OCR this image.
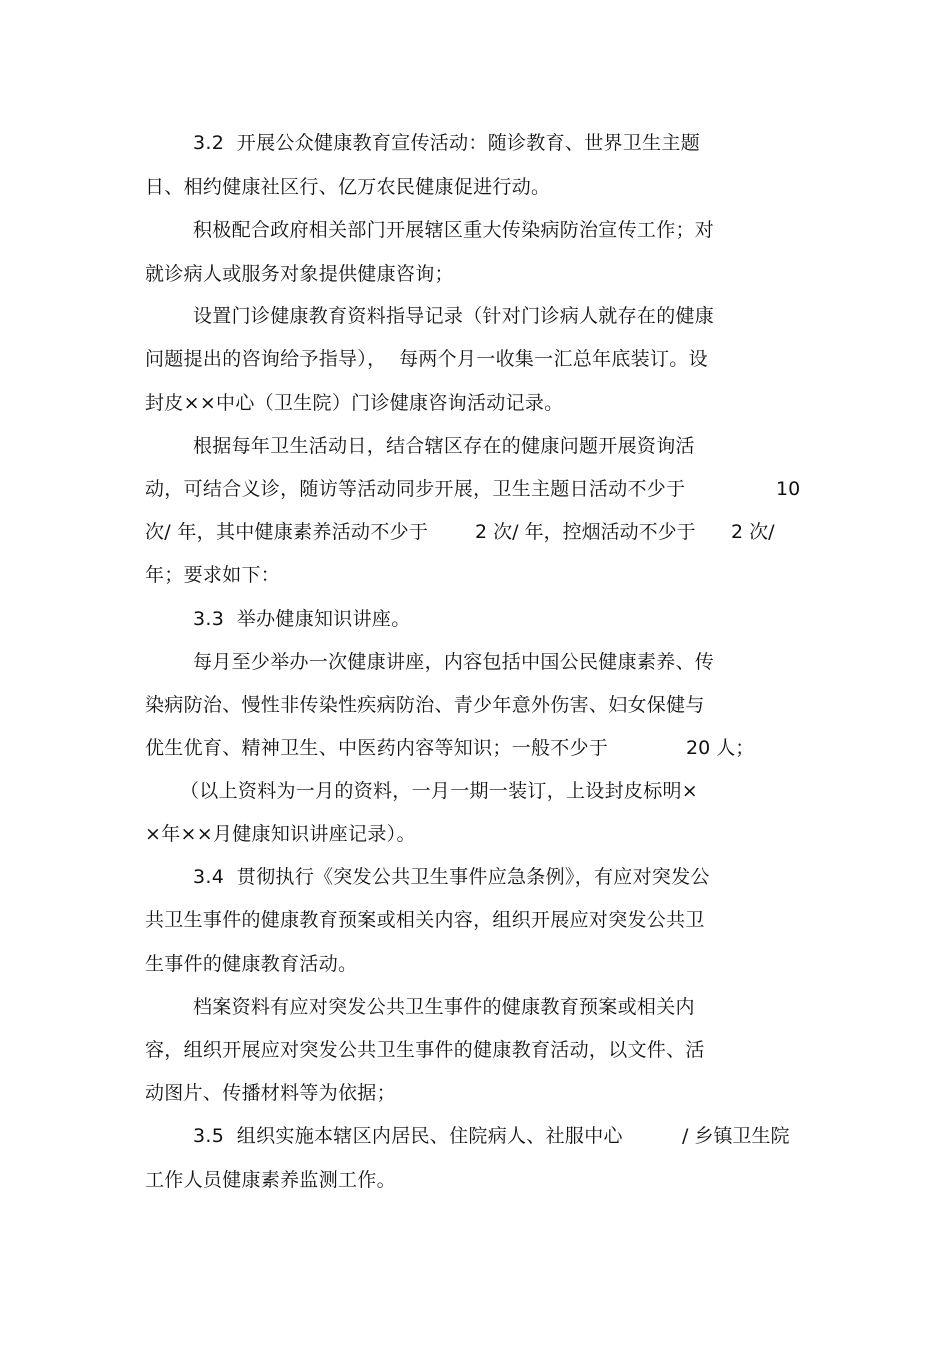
3.2  开展公众健康教育宣传活动：随诊教育、世界卫生主题
日、相约健康社区行、亿万农民健康促进行动。
积极配合政府相关部门开展辖区重大传染病防治宣传工作；对
就诊病人或服务对象提供健康咨询；
设置门诊健康教育资料指导记录（针对门诊病人就存在的健康
问题提出的咨询给予指导），  每两个月一收集一汇总年底装订。设
封皮××中心（卫生院）门诊健康咨询活动记录。
根据每年卫生活动日，结合辖区存在的健康问题开展资询活
动，可结合义诊，随访等活动同步开展，卫生主题日活动不少于	10
次/ 年，其中健康素养活动不少于 2 次/ 年，控烟活动不少于 2 次/
年；要求如下：
3.3  举办健康知识讲座。
每月至少举办一次健康讲座，内容包括中国公民健康素养、传
染病防治、慢性非传染性疾病防治、青少年意外伤害、妇女保健与
优生优育、精神卫生、中医药内容等知识；一般不少于	20 人；
（以上资料为一月的资料，一月一期一装订，上设封皮标明×
×年××月健康知识讲座记录）。
3.4  贯彻执行《突发公共卫生事件应急条例》，有应对突发公
共卫生事件的健康教育预案或相关内容，组织开展应对突发公共卫
生事件的健康教育活动。
档案资料有应对突发公共卫生事件的健康教育预案或相关内
容，组织开展应对突发公共卫生事件的健康教育活动，以文件、活
动图片、传播材料等为依据；
3.5  组织实施本辖区内居民、住院病人、社服中心	/ 乡镇卫生院
工作人员健康素养监测工作。
